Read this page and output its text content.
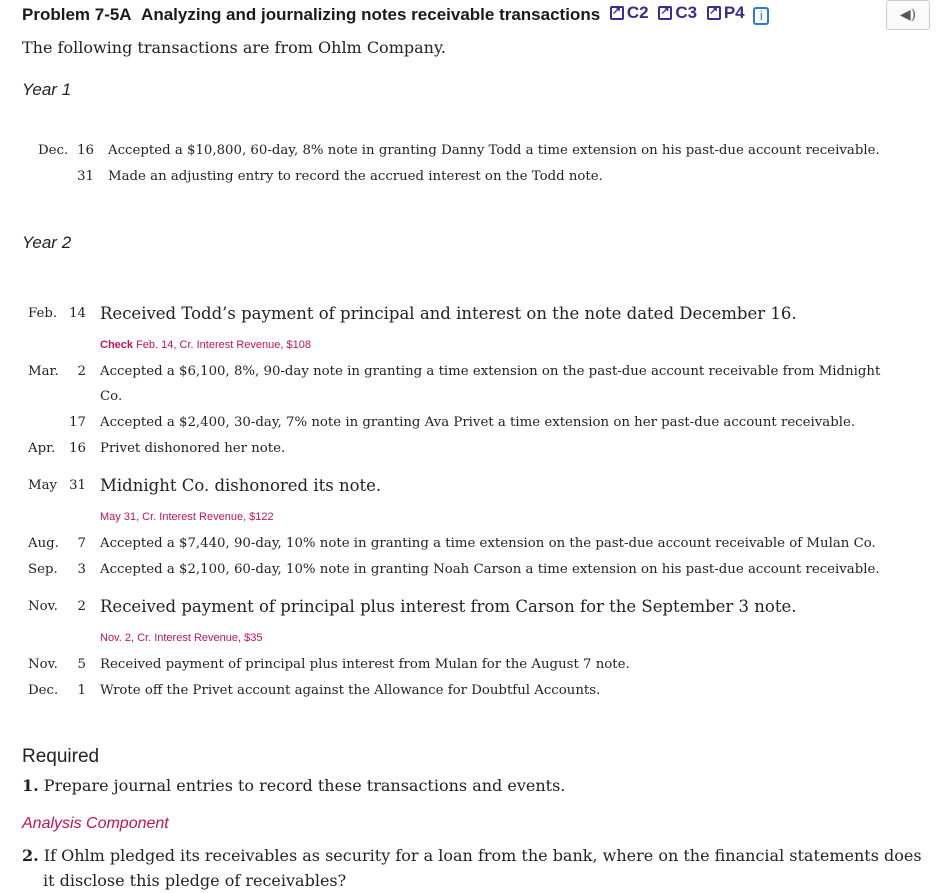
Problem 7-5A Analyzing and journalizing notes receivable transactions ↗ C2
↗ C3
↗ P4 i	◀)
The following transactions are from Ohlm Company.
Year 1
Dec. 16 Accepted a $10,800, 60-day, 8% note in granting Danny Todd a time extension on his past-due account receivable.
31 Made an adjusting entry to record the accrued interest on the Todd note.
Year 2
Feb. 14 Received Todd’s payment of principal and interest on the note dated December 16.
Check Feb. 14, Cr. Interest Revenue, $108
Mar.	2 Accepted a $6,100, 8%, 90-day note in granting a time extension on the past-due account receivable from Midnight
Co.
17 Accepted a $2,400, 30-day, 7% note in granting Ava Privet a time extension on her past-due account receivable.
Apr. 16 Privet dishonored her note.
May 31 Midnight Co. dishonored its note.
May 31, Cr. Interest Revenue, $122
Aug.	7 Accepted a $7,440, 90-day, 10% note in granting a time extension on the past-due account receivable of Mulan Co.
Sep.	3 Accepted a $2,100, 60-day, 10% note in granting Noah Carson a time extension on his past-due account receivable.
Nov.	2 Received payment of principal plus interest from Carson for the September 3 note.
Nov. 2, Cr. Interest Revenue, $35
Nov.	5 Received payment of principal plus interest from Mulan for the August 7 note.
Dec.	1 Wrote off the Privet account against the Allowance for Doubtful Accounts.
Required
1. Prepare journal entries to record these transactions and events.
Analysis Component
2. If Ohlm pledged its receivables as security for a loan from the bank, where on the financial statements does
it disclose this pledge of receivables?
